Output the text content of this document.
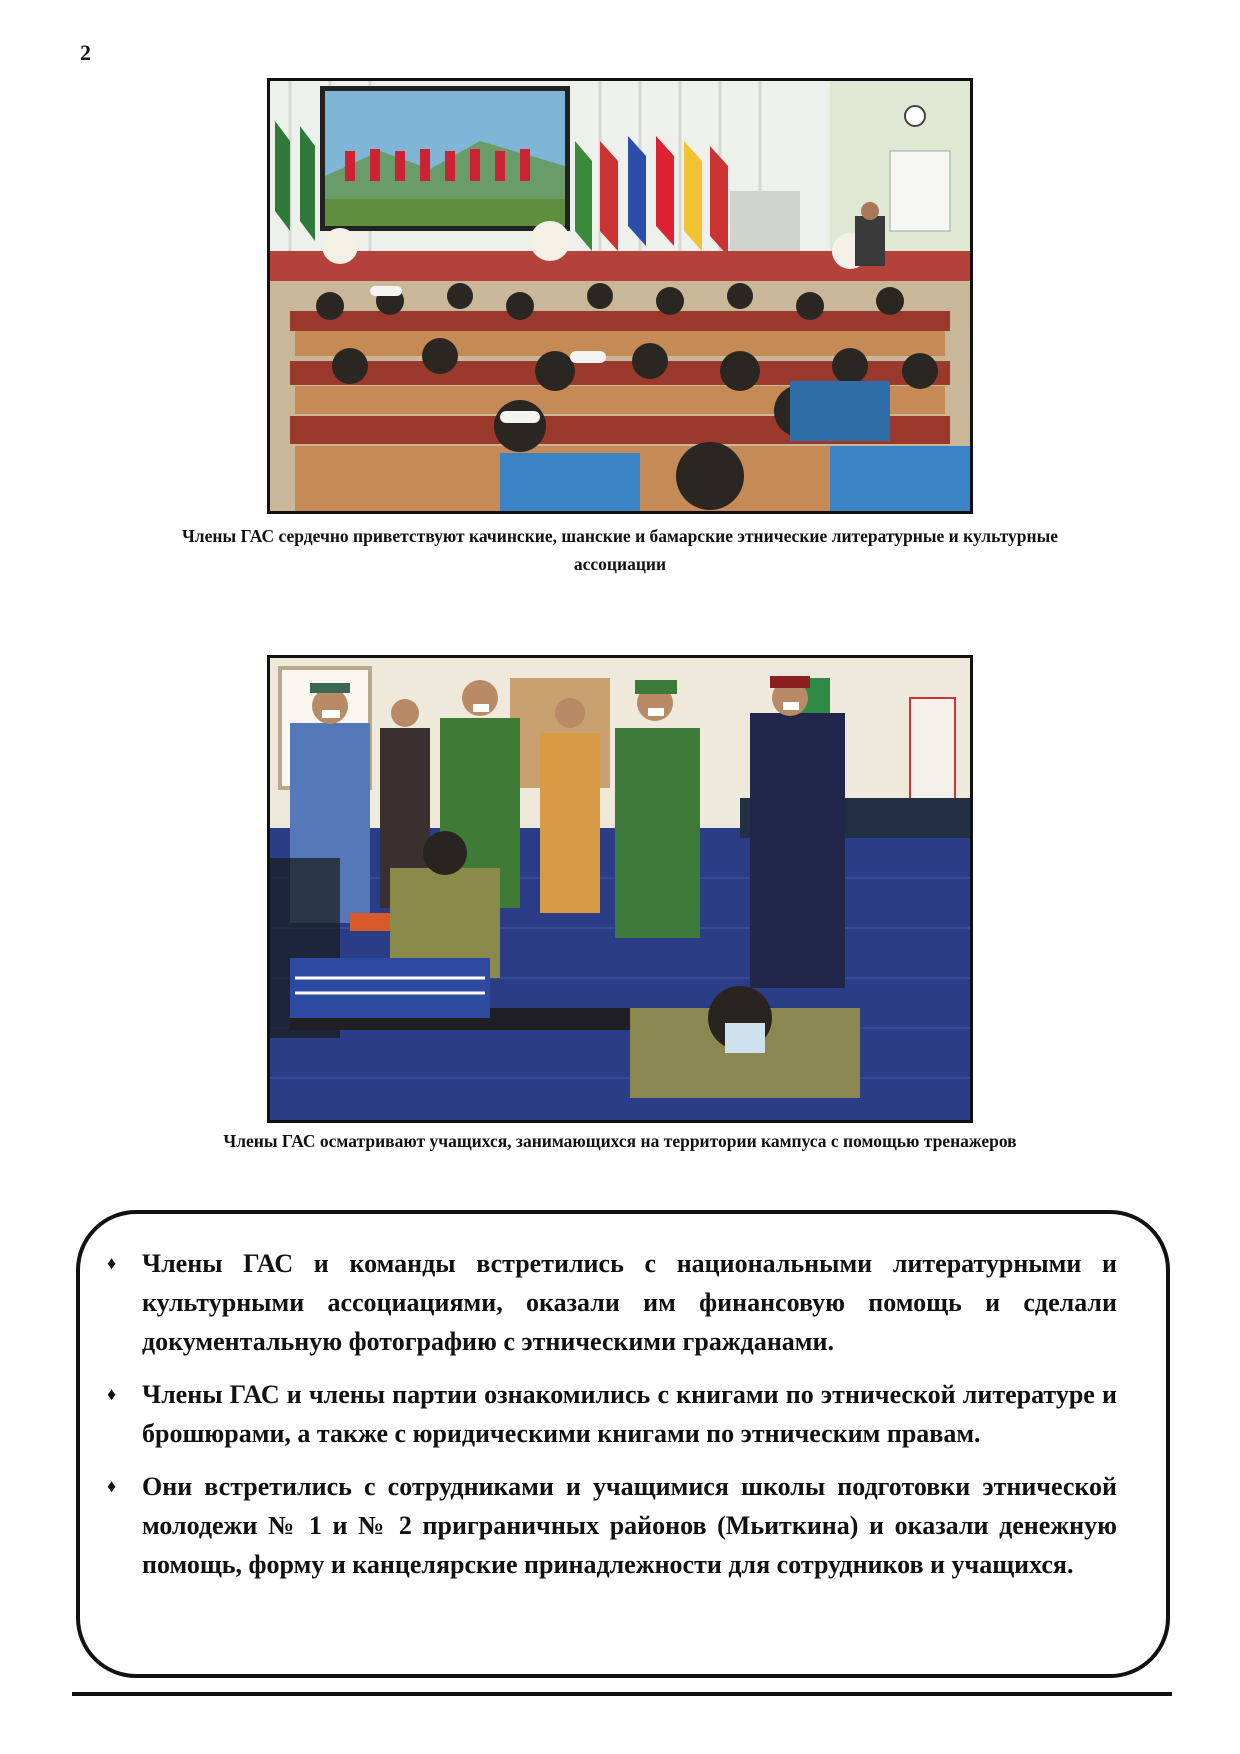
2
Члены ГАС сердечно приветствуют качинские, шанские и бамарские этнические литературные и культурные ассоциации
Члены ГАС осматривают учащихся, занимающихся на территории кампуса с помощью тренажеров
♦ Члены ГАС и команды встретились с национальными литературными и культурными ассоциациями, оказали им финансовую помощь и сделали документальную фотографию с этническими гражданами.
♦ Члены ГАС и члены партии ознакомились с книгами по этнической литературе и брошюрами, а также с юридическими книгами по этническим правам.
♦ Они встретились с сотрудниками и учащимися школы подготовки этнической молодежи № 1 и № 2 приграничных районов (Мьиткина) и оказали денежную помощь, форму и канцелярские принадлежности для сотрудников и учащихся.
